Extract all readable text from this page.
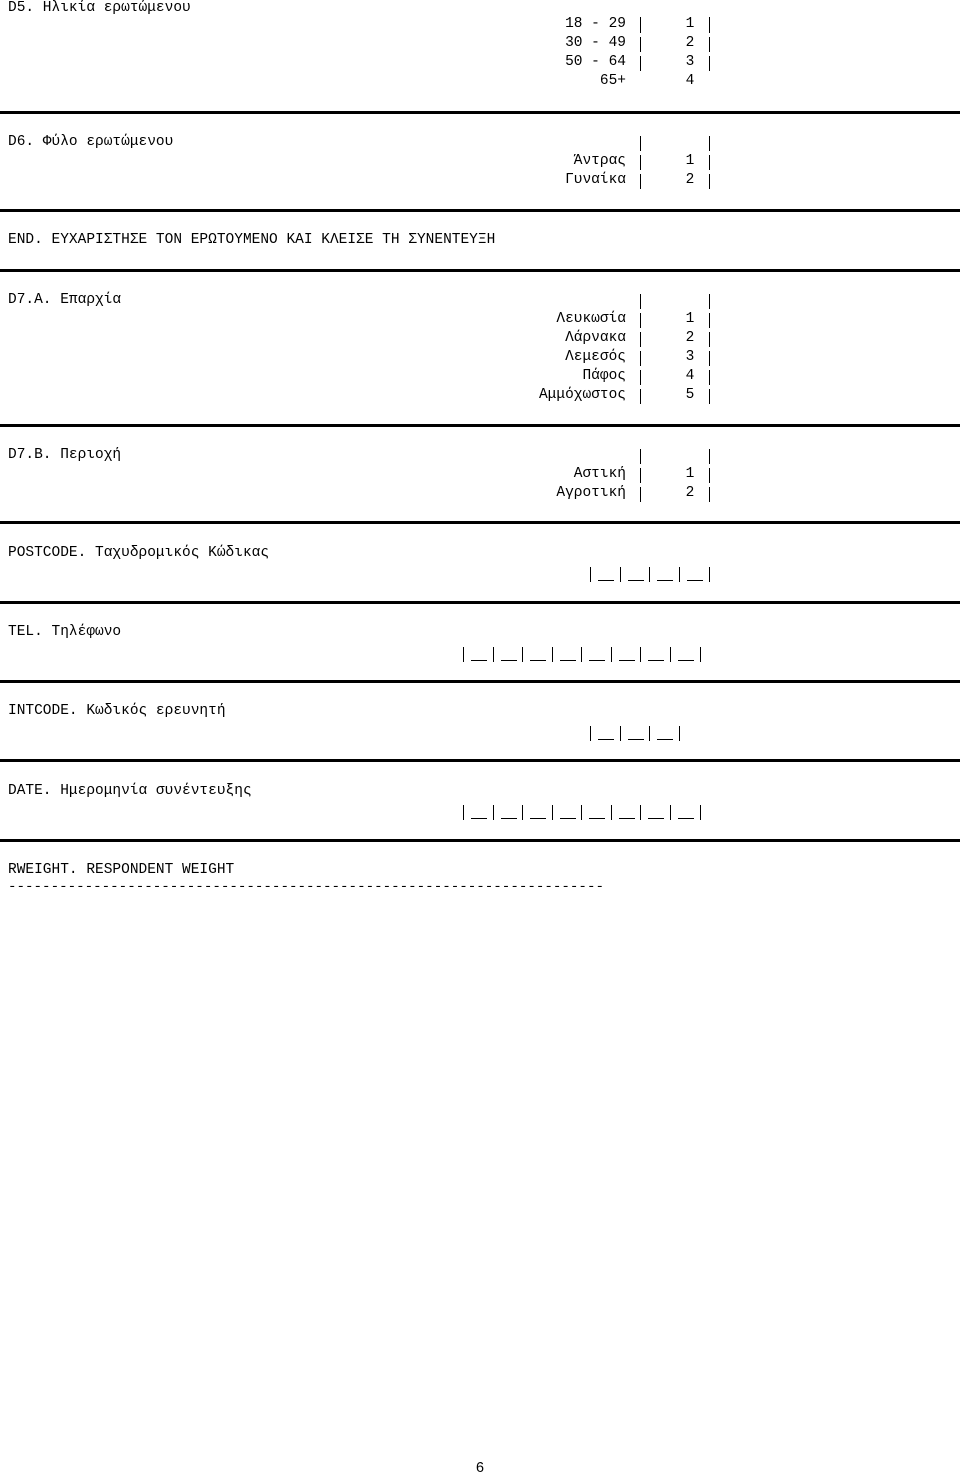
D5. Ηλικία ερωτώμενου
18 - 29	1
30 - 49	2
50 - 64	3
65+	4
D6. Φύλο ερωτώμενου
Άντρας	1
Γυναίκα	2
END. ΕΥΧΑΡΙΣΤΗΣΕ ΤΟΝ ΕΡΩΤΟΥΜΕΝΟ ΚΑΙ ΚΛΕΙΣΕ ΤΗ ΣΥΝΕΝΤΕΥΞΗ
D7.A. Επαρχία
Λευκωσία	1
Λάρνακα	2
Λεμεσός	3
Πάφος	4
Αμμόχωστος	5
D7.B. Περιοχή
Αστική	1
Αγροτική	2
POSTCODE. Ταχυδρομικός Κώδικας
TEL. Τηλέφωνο
INTCODE. Κωδικός ερευνητή
DATE. Ημερομηνία συνέντευξης
RWEIGHT. RESPONDENT WEIGHT
----------------------------------------------------------------------
6
